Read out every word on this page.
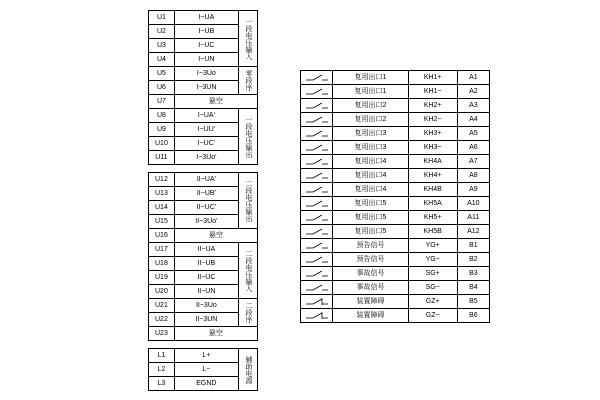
U1	I−UA	一段电压输入

U2	I−UB	
U3	I−UC	
U4	I−UN	
U5	I−3Uo	零段序

U6	I−3UN	
U7	悬空	
U8	I−UA′	一段电压输出

U9	I−UU′	
U10	I−UC′	
U11	I−3Uo′	
U12	II−UA′	二段电压输出

U13	II−UB′	
U14	II−UC′	
U15	II−3Uo′	
U16	悬空	
U17	II−UA	二段电压输入

U18	II−UB	
U19	II−UC	
U20	II−UN	
U21	II−3Uo	二段序

U22	II−3UN	
U23	悬空	
L1	L+	辅助电源

L2	L−	
L3	EGND	
	复用出口1	KH1+	A1

	复用出口1	KH1−	A2

	复用出口2	KH2+	A3

	复用出口2	KH2−	A4

	复用出口3	KH3+	A5

	复用出口3	KH3−	A6

	复用出口4	KH4A	A7

	复用出口4	KH4+	A8

	复用出口4	KH4B	A9

	复用出口5	KH5A	A10

	复用出口5	KH5+	A11

	复用出口5	KH5B	A12

	预告信号	YG+	B1

	预告信号	YG−	B2

	事故信号	SG+	B3

	事故信号	SG−	B4

	装置障碍	GZ+	B5

	装置障碍	GZ−	B6
